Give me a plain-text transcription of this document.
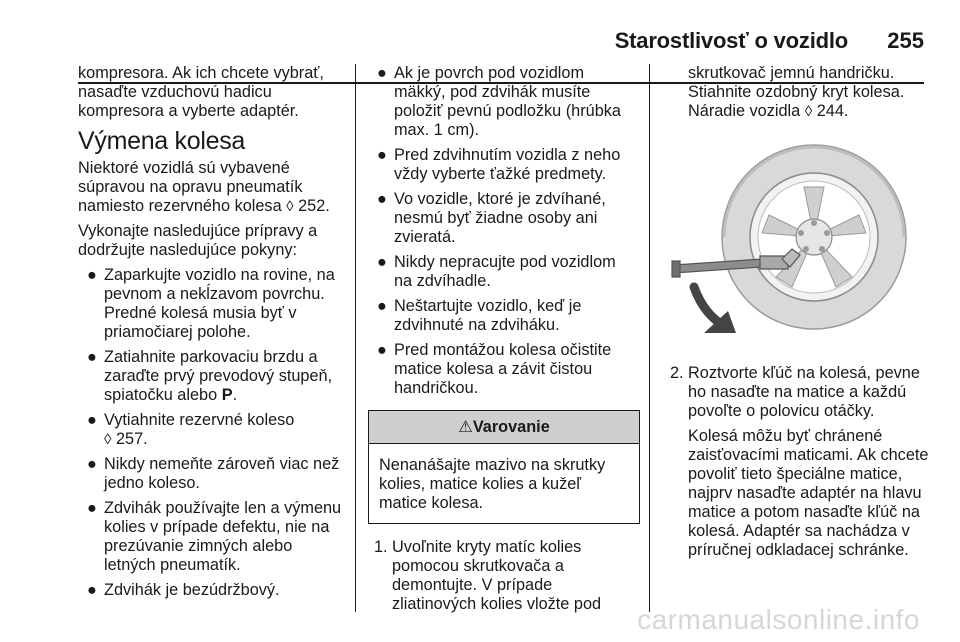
Starostlivosť o vozidlo 255

kompresora. Ak ich chcete vybrať,
nasaďte vzduchovú hadicu
kompresora a vyberte adaptér.

Výmena kolesa

Niektoré vozidlá sú vybavené
súpravou na opravu pneumatík
namiesto rezervného kolesa ◊ 252.

Vykonajte nasledujúce prípravy a
dodržujte nasledujúce pokyny:

● Zaparkujte vozidlo na rovine, na
pevnom a nekĺzavom povrchu.
Predné kolesá musia byť v
priamočiarej polohe.
● Zatiahnite parkovaciu brzdu a
zaraďte prvý prevodový stupeň,
spiatočku alebo P.
● Vytiahnite rezervné koleso
◊ 257.
● Nikdy nemeňte zároveň viac než
jedno koleso.
● Zdvihák používajte len a výmenu
kolies v prípade defektu, nie na
prezúvanie zimných alebo
letných pneumatík.
● Zdvihák je bezúdržbový.
● Ak je povrch pod vozidlom
mäkký, pod zdvihák musíte
položiť pevnú podložku (hrúbka
max. 1 cm).
● Pred zdvihnutím vozidla z neho
vždy vyberte ťažké predmety.
● Vo vozidle, ktoré je zdvíhané,
nesmú byť žiadne osoby ani
zvieratá.
● Nikdy nepracujte pod vozidlom
na zdvíhadle.
● Neštartujte vozidlo, keď je
zdvihnuté na zdviháku.
● Pred montážou kolesa očistite
matice kolesa a závit čistou
handričkou.
⚠Varovanie
Nenanášajte mazivo na skrutky
kolies, matice kolies a kužeľ
matice kolesa.
1. Uvoľnite kryty matíc kolies
pomocou skrutkovača a
demontujte. V prípade
zliatinových kolies vložte pod

skrutkovač jemnú handričku.
Stiahnite ozdobný kryt kolesa.
Náradie vozidla ◊ 244.

2. Roztvorte kľúč na kolesá, pevne
ho nasaďte na matice a každú
povoľte o polovicu otáčky.

Kolesá môžu byť chránené
zaisťovacími maticami. Ak chcete
povoliť tieto špeciálne matice,
najprv nasaďte adaptér na hlavu
matice a potom nasaďte kľúč na
kolesá. Adaptér sa nachádza v
príručnej odkladacej schránke.

carmanualsonline.info
